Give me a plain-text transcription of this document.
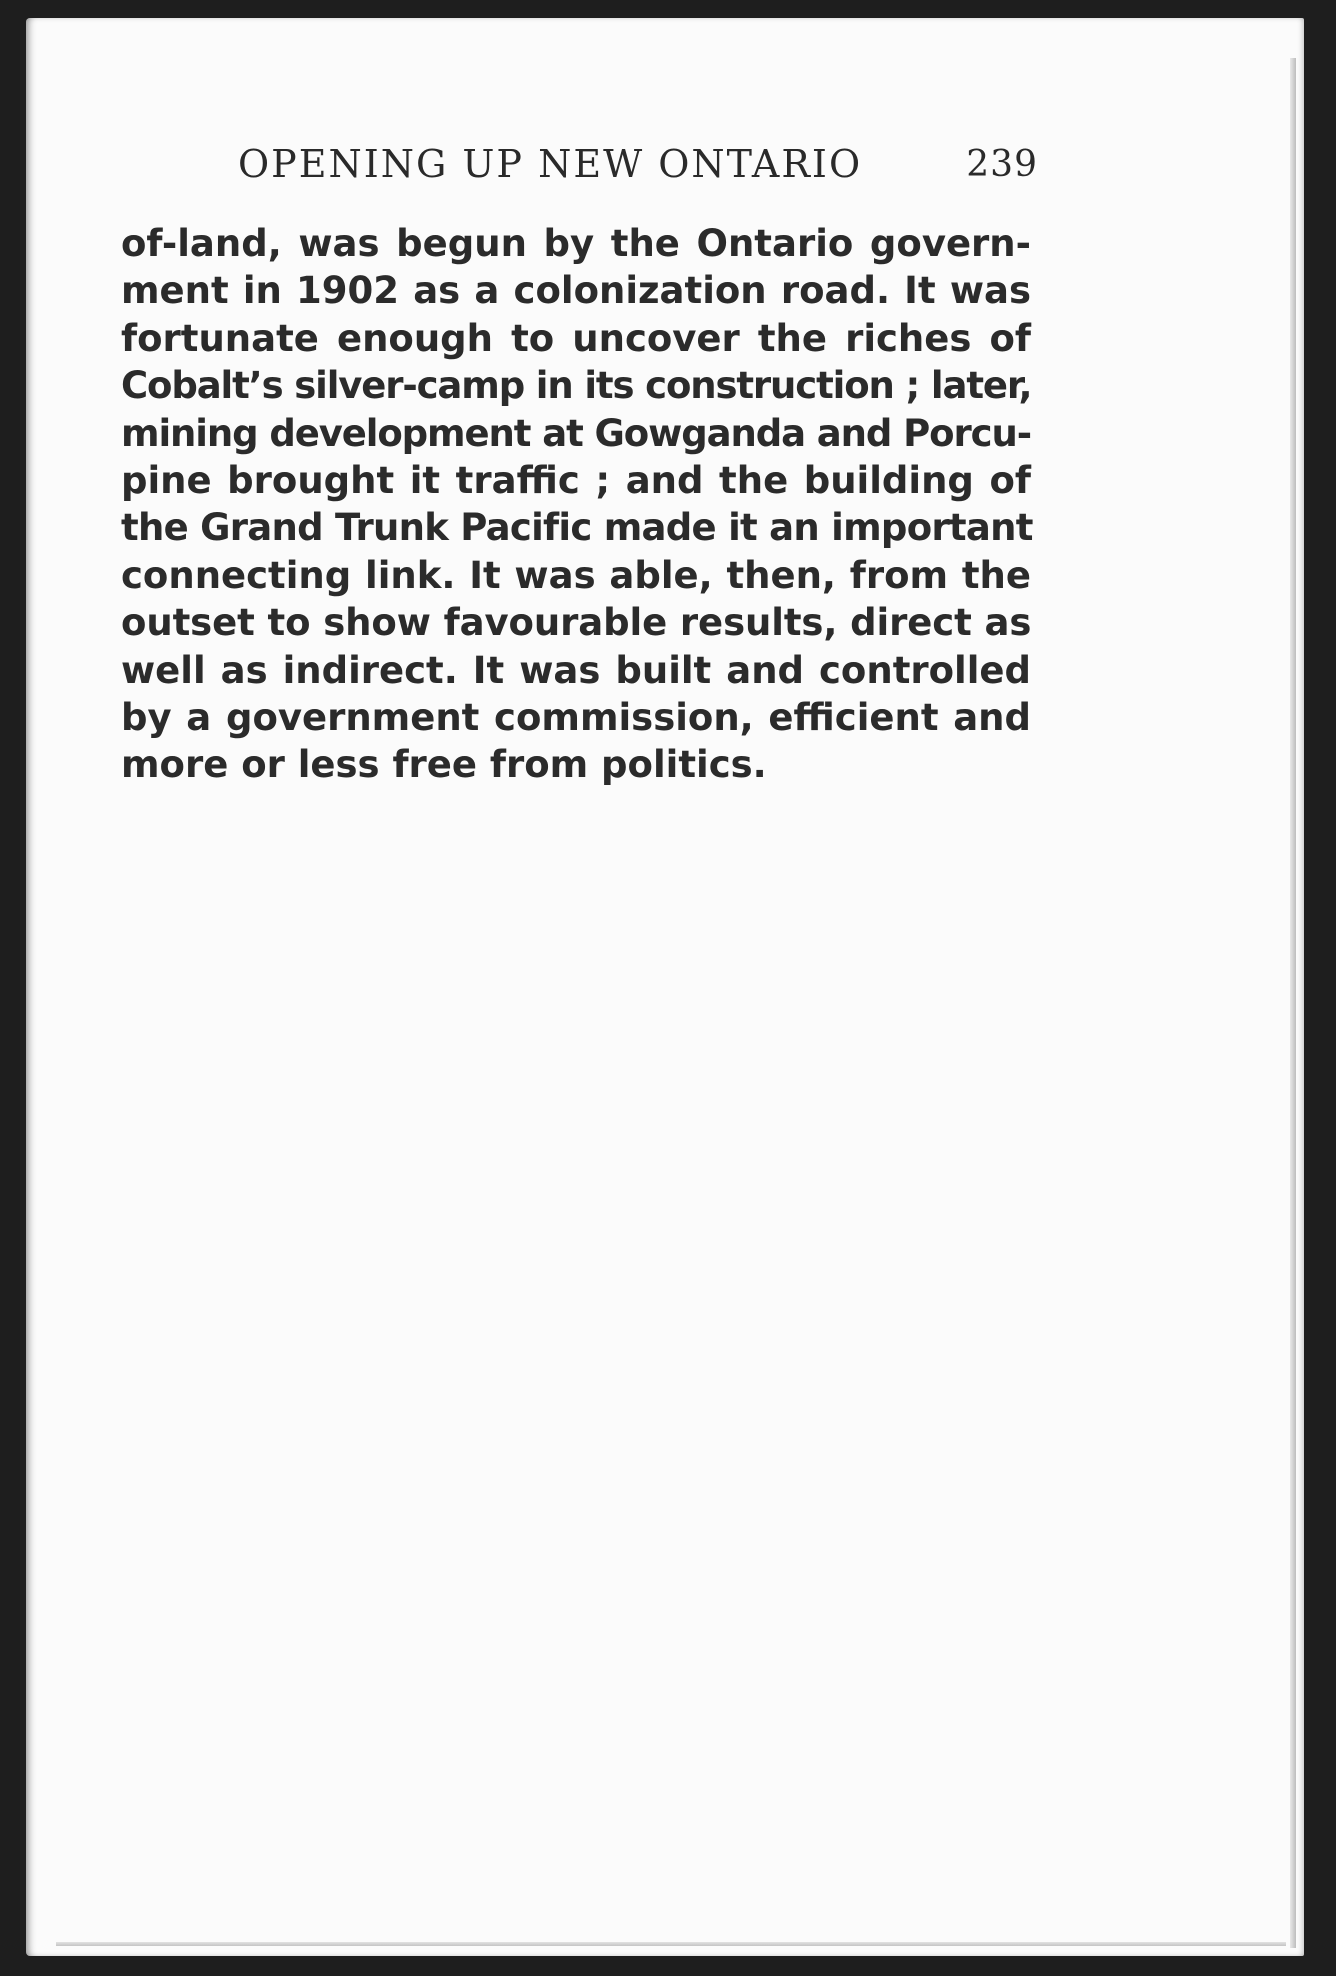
OPENING UP NEW ONTARIO	239
of-land, was begun by the Ontario govern-
ment in 1902 as a colonization road. It was
fortunate enough to uncover the riches of
Cobalt’s silver-camp in its construction ; later,
mining development at Gowganda and Porcu-
pine brought it traffic ; and the building of
the Grand Trunk Pacific made it an important
connecting link. It was able, then, from the
outset to show favourable results, direct as
well as indirect. It was built and controlled
by a government commission, efficient and
more or less free from politics.
